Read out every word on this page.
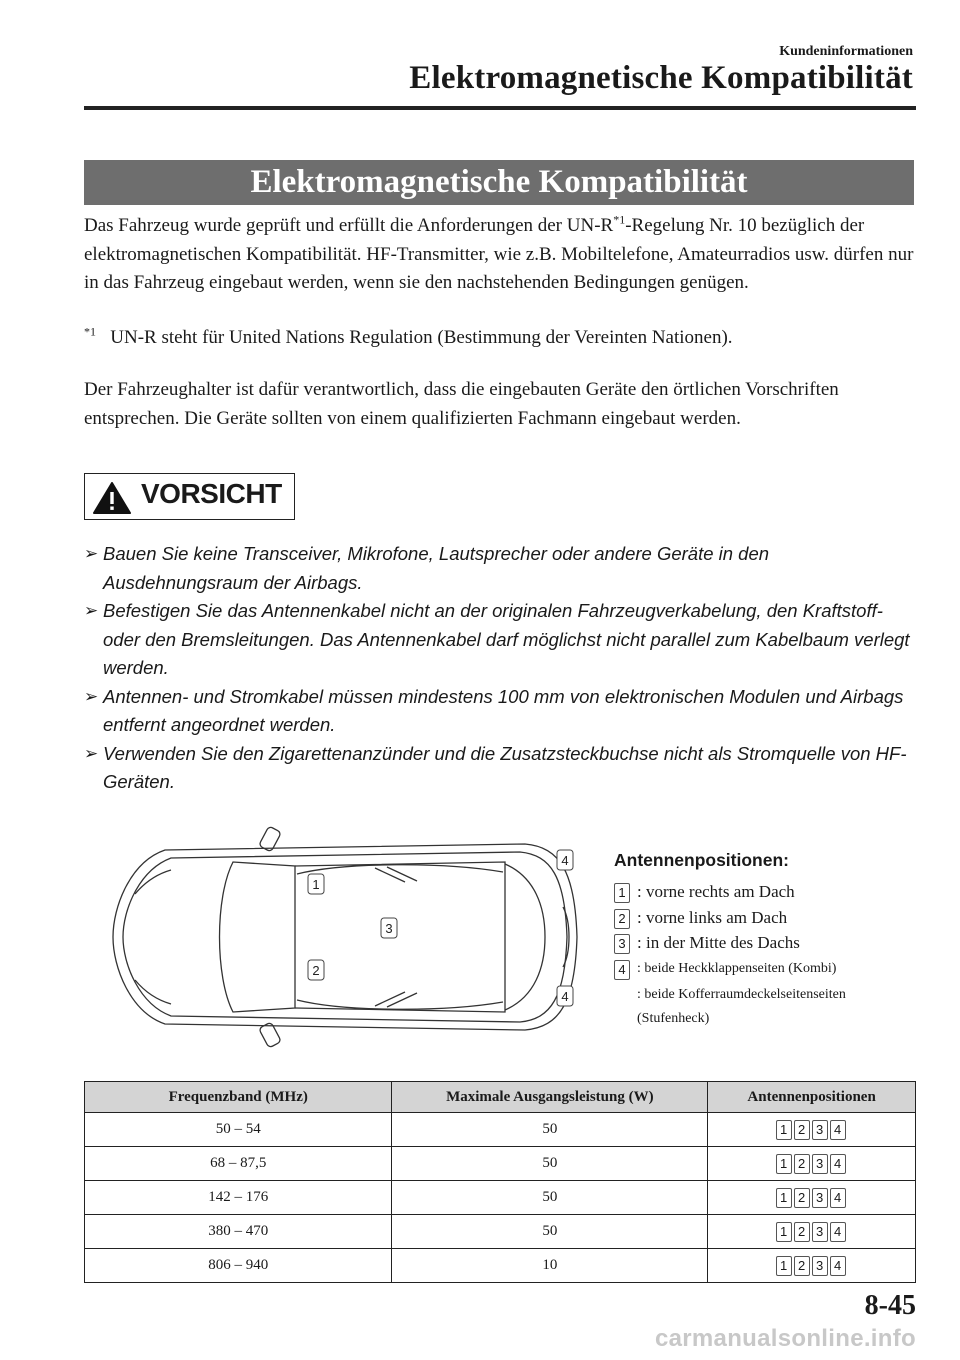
Kundeninformationen
Elektromagnetische Kompatibilität
Elektromagnetische Kompatibilität

Das Fahrzeug wurde geprüft und erfüllt die Anforderungen der $UN-R^{*1}$-Regelung Nr. 10 bezüglich der elektromagnetischen Kompatibilität. HF-Transmitter, wie z.B. Mobiltelefone, Amateurradios usw. dürfen nur in das Fahrzeug eingebaut werden, wenn sie den nachstehenden Bedingungen genügen.

$^{*1}$ UN-R steht für United Nations Regulation (Bestimmung der Vereinten Nationen).

Der Fahrzeughalter ist dafür verantwortlich, dass die eingebauten Geräte den örtlichen Vorschriften entsprechen. Die Geräte sollten von einem qualifizierten Fachmann eingebaut werden.

VORSICHT
➢ Bauen Sie keine Transceiver, Mikrofone, Lautsprecher oder andere Geräte in den Ausdehnungsraum der Airbags.
➢ Befestigen Sie das Antennenkabel nicht an der originalen Fahrzeugverkabelung, den Kraftstoff- oder den Bremsleitungen. Das Antennenkabel darf möglichst nicht parallel zum Kabelbaum verlegt werden.
➢ Antennen- und Stromkabel müssen mindestens 100 mm von elektronischen Modulen und Airbags entfernt angeordnet werden.
➢ Verwenden Sie den Zigarettenanzünder und die Zusatzsteckbuchse nicht als Stromquelle von HF-Geräten.
1
2
3
4
4
Antennenpositionen:
1 : vorne rechts am Dach
2 : vorne links am Dach
3 : in der Mitte des Dachs
4 : beide Heckklappenseiten (Kombi)
: beide Kofferraumdeckelseitenseiten
(Stufenheck)
Frequenzband (MHz)	Maximale Ausgangsleistung (W)	Antennenpositionen
50 – 54	50	1 2 3 4
68 – 87,5	50	1 2 3 4
142 – 176	50	1 2 3 4
380 – 470	50	1 2 3 4
806 – 940	10	1 2 3 4
8-45
carmanualsonline.info
